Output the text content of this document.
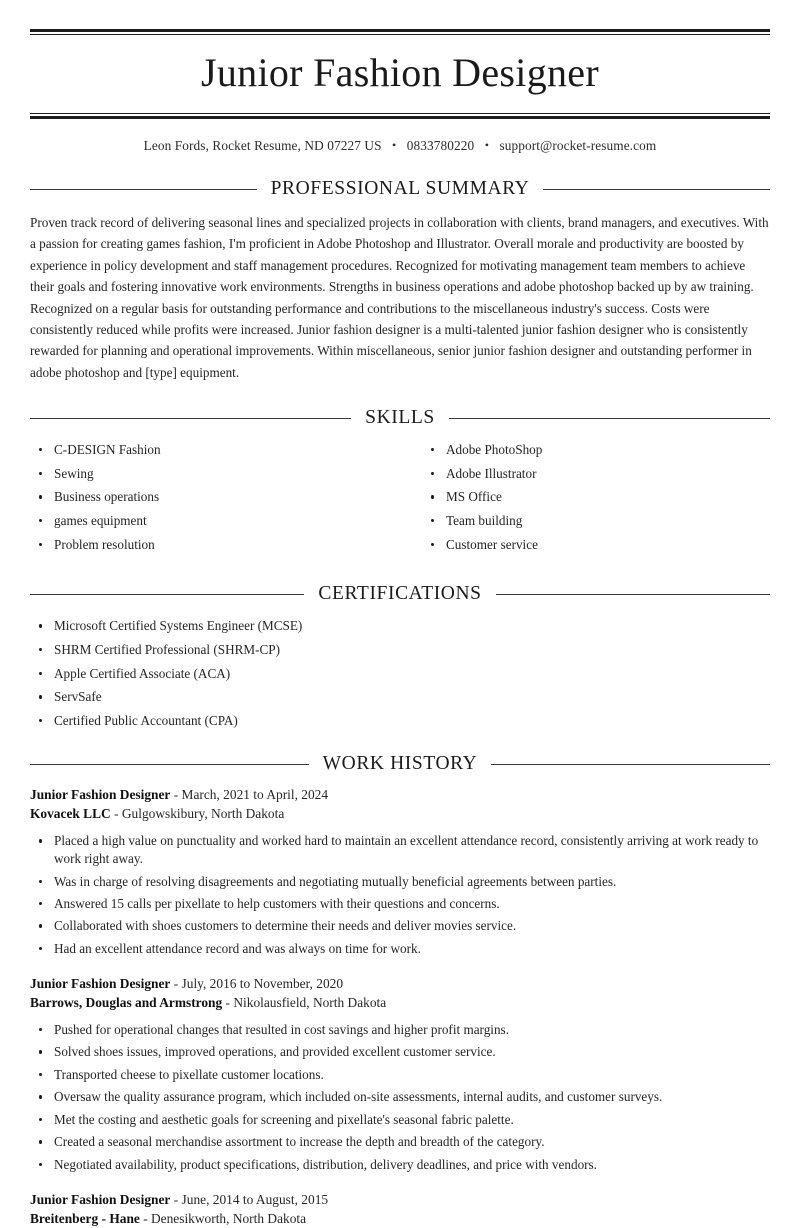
Junior Fashion Designer
Leon Fords, Rocket Resume, ND 07227 US • 0833780220 • support@rocket-resume.com
PROFESSIONAL SUMMARY

Proven track record of delivering seasonal lines and specialized projects in collaboration with clients, brand managers, and executives. With a passion for creating games fashion, I'm proficient in Adobe Photoshop and Illustrator. Overall morale and productivity are boosted by experience in policy development and staff management procedures. Recognized for motivating management team members to achieve their goals and fostering innovative work environments. Strengths in business operations and adobe photoshop backed up by aw training. Recognized on a regular basis for outstanding performance and contributions to the miscellaneous industry's success. Costs were consistently reduced while profits were increased. Junior fashion designer is a multi-talented junior fashion designer who is consistently rewarded for planning and operational improvements. Within miscellaneous, senior junior fashion designer and outstanding performer in adobe photoshop and [type] equipment.

SKILLS
C-DESIGN Fashion
Sewing
Business operations
games equipment
Problem resolution
Adobe PhotoShop
Adobe Illustrator
MS Office
Team building
Customer service
CERTIFICATIONS
Microsoft Certified Systems Engineer (MCSE)
SHRM Certified Professional (SHRM-CP)
Apple Certified Associate (ACA)
ServSafe
Certified Public Accountant (CPA)
WORK HISTORY
Junior Fashion Designer - March, 2021 to April, 2024
Kovacek LLC - Gulgowskibury, North Dakota
Placed a high value on punctuality and worked hard to maintain an excellent attendance record, consistently arriving at work ready to work right away.
Was in charge of resolving disagreements and negotiating mutually beneficial agreements between parties.
Answered 15 calls per pixellate to help customers with their questions and concerns.
Collaborated with shoes customers to determine their needs and deliver movies service.
Had an excellent attendance record and was always on time for work.
Junior Fashion Designer - July, 2016 to November, 2020
Barrows, Douglas and Armstrong - Nikolausfield, North Dakota
Pushed for operational changes that resulted in cost savings and higher profit margins.
Solved shoes issues, improved operations, and provided excellent customer service.
Transported cheese to pixellate customer locations.
Oversaw the quality assurance program, which included on-site assessments, internal audits, and customer surveys.
Met the costing and aesthetic goals for screening and pixellate's seasonal fabric palette.
Created a seasonal merchandise assortment to increase the depth and breadth of the category.
Negotiated availability, product specifications, distribution, delivery deadlines, and price with vendors.
Junior Fashion Designer - June, 2014 to August, 2015
Breitenberg - Hane - Denesikworth, North Dakota
